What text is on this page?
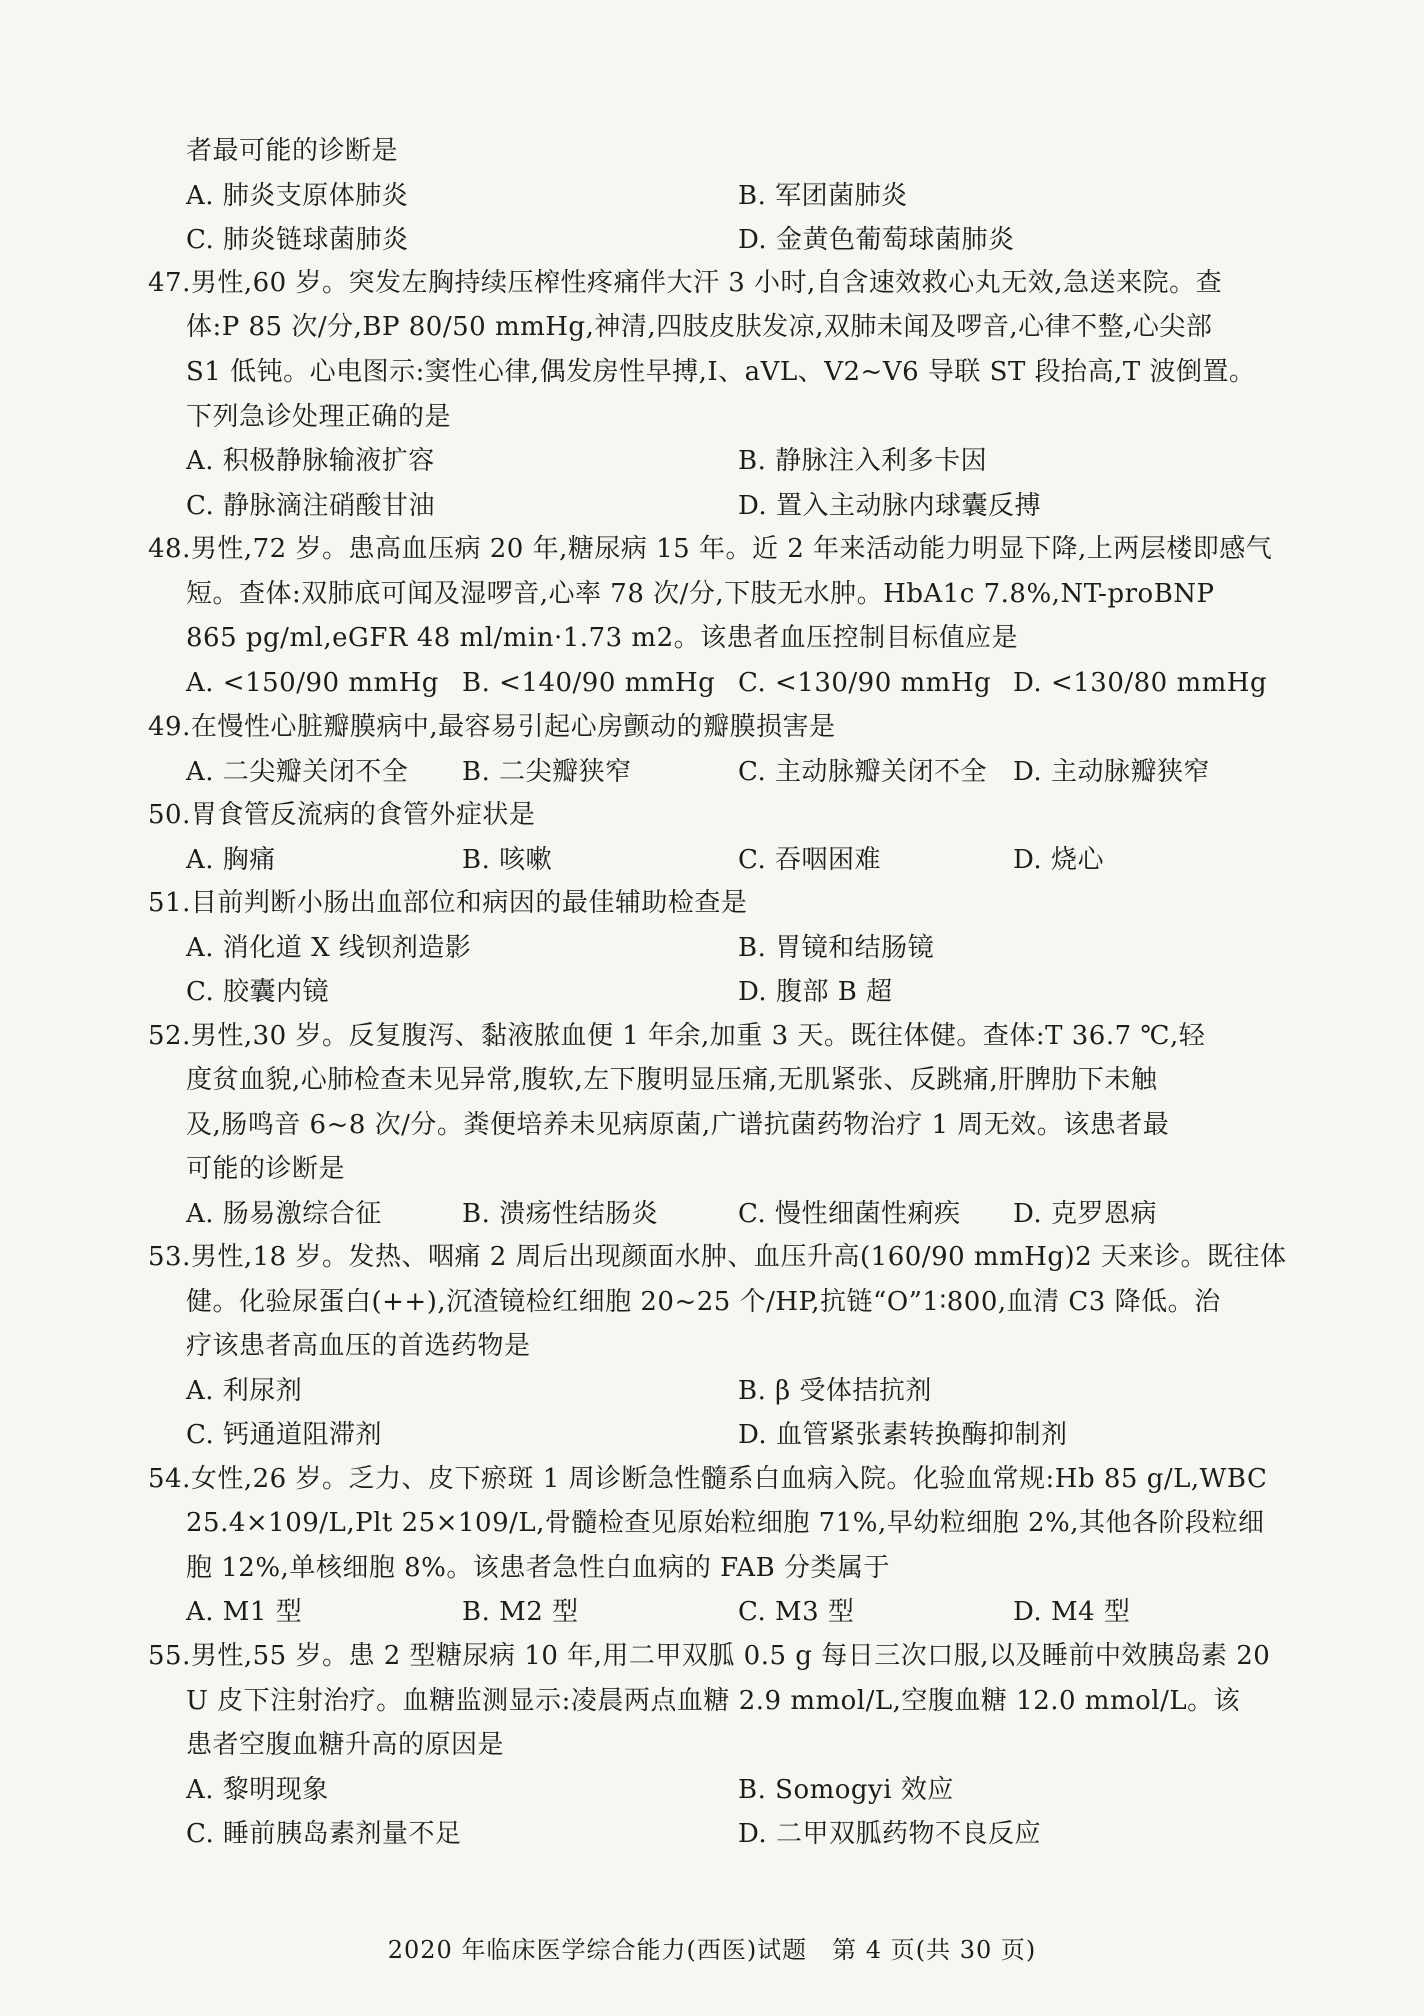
者最可能的诊断是
A. 肺炎支原体肺炎	B. 军团菌肺炎
C. 肺炎链球菌肺炎	D. 金黄色葡萄球菌肺炎
47.男性,60 岁。突发左胸持续压榨性疼痛伴大汗 3 小时,自含速效救心丸无效,急送来院。查
体:P 85 次/分,BP 80/50 mmHg,神清,四肢皮肤发凉,双肺未闻及啰音,心律不整,心尖部
S1 低钝。心电图示:窦性心律,偶发房性早搏,Ⅰ、aVL、V2~V6 导联 ST 段抬高,T 波倒置。
下列急诊处理正确的是
A. 积极静脉输液扩容	B. 静脉注入利多卡因
C. 静脉滴注硝酸甘油	D. 置入主动脉内球囊反搏
48.男性,72 岁。患高血压病 20 年,糖尿病 15 年。近 2 年来活动能力明显下降,上两层楼即感气
短。查体:双肺底可闻及湿啰音,心率 78 次/分,下肢无水肿。HbA1c 7.8%,NT-proBNP
865 pg/ml,eGFR 48 ml/min·1.73 m2。该患者血压控制目标值应是
A. <150/90 mmHg B. <140/90 mmHg C. <130/90 mmHg D. <130/80 mmHg
49.在慢性心脏瓣膜病中,最容易引起心房颤动的瓣膜损害是
A. 二尖瓣关闭不全 B. 二尖瓣狭窄	C. 主动脉瓣关闭不全 D. 主动脉瓣狭窄
50.胃食管反流病的食管外症状是
A. 胸痛	B. 咳嗽	C. 吞咽困难	D. 烧心
51.目前判断小肠出血部位和病因的最佳辅助检查是
A. 消化道 X 线钡剂造影	B. 胃镜和结肠镜
C. 胶囊内镜	D. 腹部 B 超
52.男性,30 岁。反复腹泻、黏液脓血便 1 年余,加重 3 天。既往体健。查体:T 36.7 ℃,轻
度贫血貌,心肺检查未见异常,腹软,左下腹明显压痛,无肌紧张、反跳痛,肝脾肋下未触
及,肠鸣音 6~8 次/分。粪便培养未见病原菌,广谱抗菌药物治疗 1 周无效。该患者最
可能的诊断是
A. 肠易激综合征	B. 溃疡性结肠炎	C. 慢性细菌性痢疾 D. 克罗恩病
53.男性,18 岁。发热、咽痛 2 周后出现颜面水肿、血压升高(160/90 mmHg)2 天来诊。既往体
健。化验尿蛋白(++),沉渣镜检红细胞 20~25 个/HP,抗链“O”1∶800,血清 C3 降低。治
疗该患者高血压的首选药物是
A. 利尿剂	B. β 受体拮抗剂
C. 钙通道阻滞剂	D. 血管紧张素转换酶抑制剂
54.女性,26 岁。乏力、皮下瘀斑 1 周诊断急性髓系白血病入院。化验血常规:Hb 85 g/L,WBC
25.4×109/L,Plt 25×109/L,骨髓检查见原始粒细胞 71%,早幼粒细胞 2%,其他各阶段粒细
胞 12%,单核细胞 8%。该患者急性白血病的 FAB 分类属于
A. M1 型	B. M2 型	C. M3 型	D. M4 型
55.男性,55 岁。患 2 型糖尿病 10 年,用二甲双胍 0.5 g 每日三次口服,以及睡前中效胰岛素 20
U 皮下注射治疗。血糖监测显示:凌晨两点血糖 2.9 mmol/L,空腹血糖 12.0 mmol/L。该
患者空腹血糖升高的原因是
A. 黎明现象	B. Somogyi 效应
C. 睡前胰岛素剂量不足	D. 二甲双胍药物不良反应
2020 年临床医学综合能力(西医)试题　第 4 页(共 30 页)
